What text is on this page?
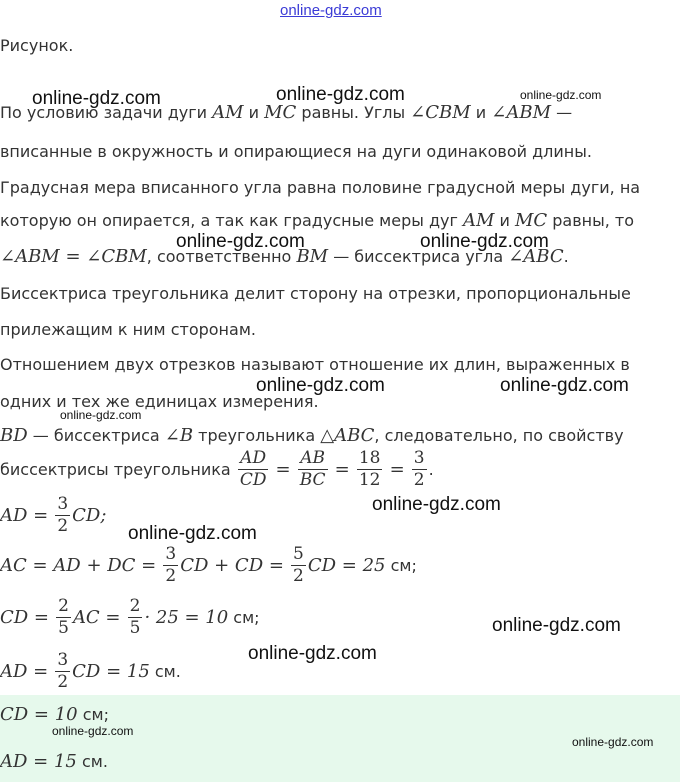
online-gdz.com
Рисунок.
По условию задачи дуги AM и MC равны. Углы ∠CBM и ∠ABM —
вписанные в окружность и опирающиеся на дуги одинаковой длины.
Градусная мера вписанного угла равна половине градусной меры дуги, на
которую он опирается, а так как градусные меры дуг AM и MC равны, то
∠ABM = ∠CBM, соответственно BM — биссектриса угла ∠ABC.
Биссектриса треугольника делит сторону на отрезки, пропорциональные
прилежащим к ним сторонам.
Отношением двух отрезков называют отношение их длин, выраженных в
одних и тех же единицах измерения.
BD — биссектриса ∠B треугольника △ABC, следовательно, по свойству
биссектрисы треугольника $\frac{AD}{CD} = \frac{AB}{BC} = \frac{18}{12} = \frac{3}{2}$ .
AD = $\frac{3}{2}$ CD;
AC = AD + DC = $\frac{3}{2}$ CD + CD = $\frac{5}{2}$ CD = 25 см;
CD = $\frac{2}{5}$ AC = $\frac{2}{5} \cdot 25 = 10$ см;
AD = $\frac{3}{2}$ CD = 15 см.
CD = 10 см;
AD = 15 см.
online-gdz.com	online-gdz.com	online-gdz.com
online-gdz.com	online-gdz.com
online-gdz.com	online-gdz.com
online-gdz.com
online-gdz.com
online-gdz.com
online-gdz.com
online-gdz.com
online-gdz.com
online-gdz.com
